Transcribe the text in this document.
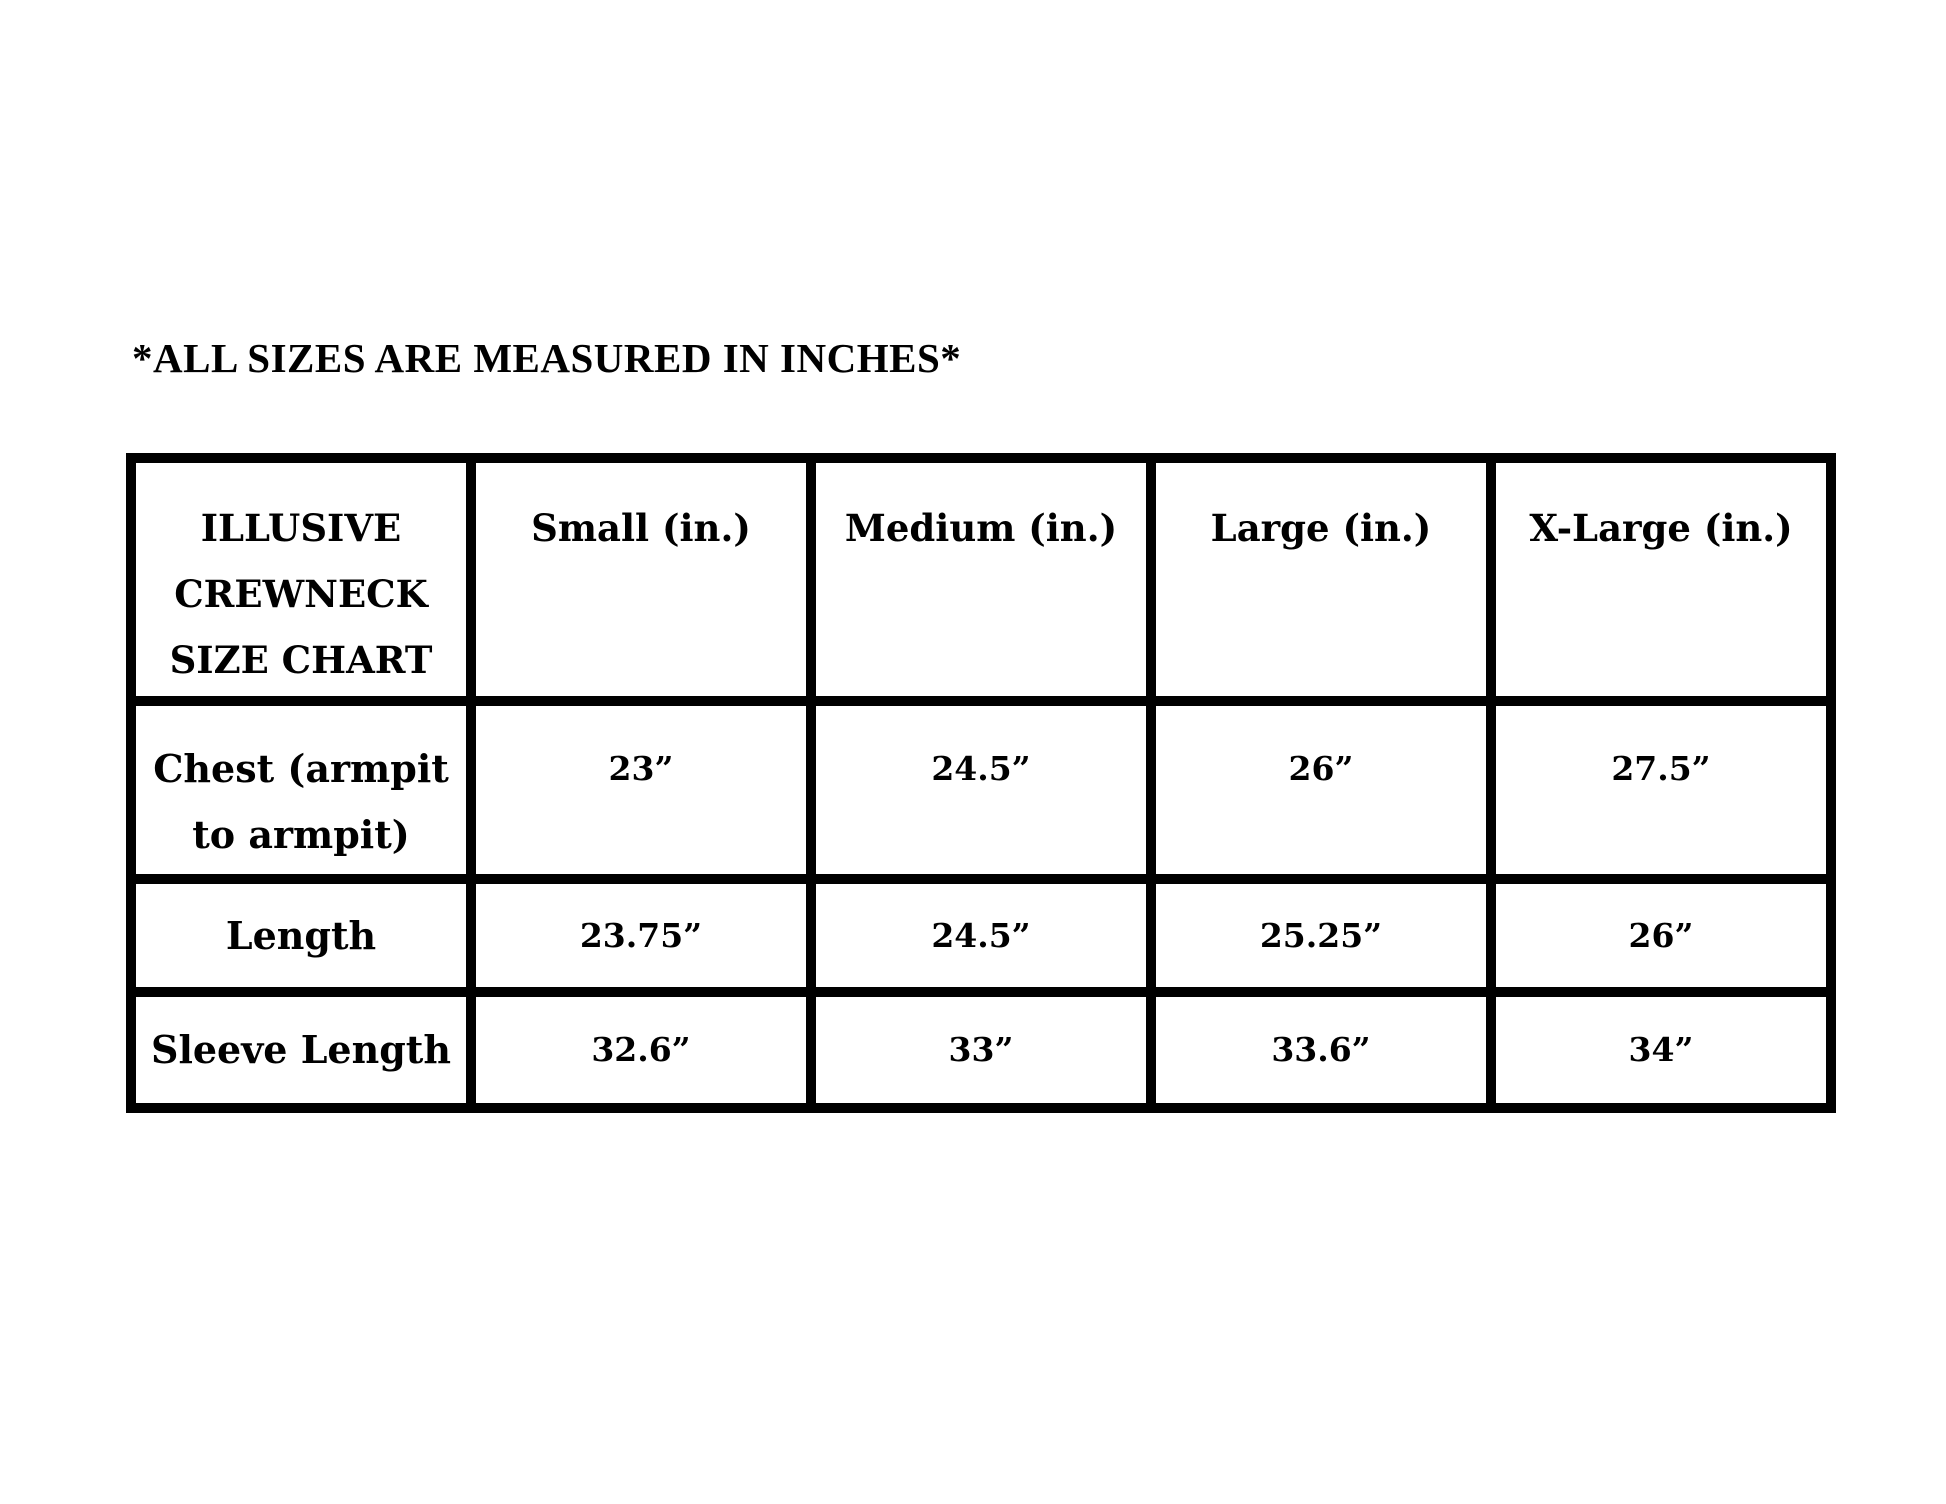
*ALL SIZES ARE MEASURED IN INCHES*
ILLUSIVE
CREWNECK
SIZE CHART	Small (in.)	Medium (in.)	Large (in.)	X-Large (in.)

Chest (armpit
to armpit)	23”	24.5”	26”	27.5”
Length	23.75”	24.5”	25.25”	26”
Sleeve Length	32.6”	33”	33.6”	34”
